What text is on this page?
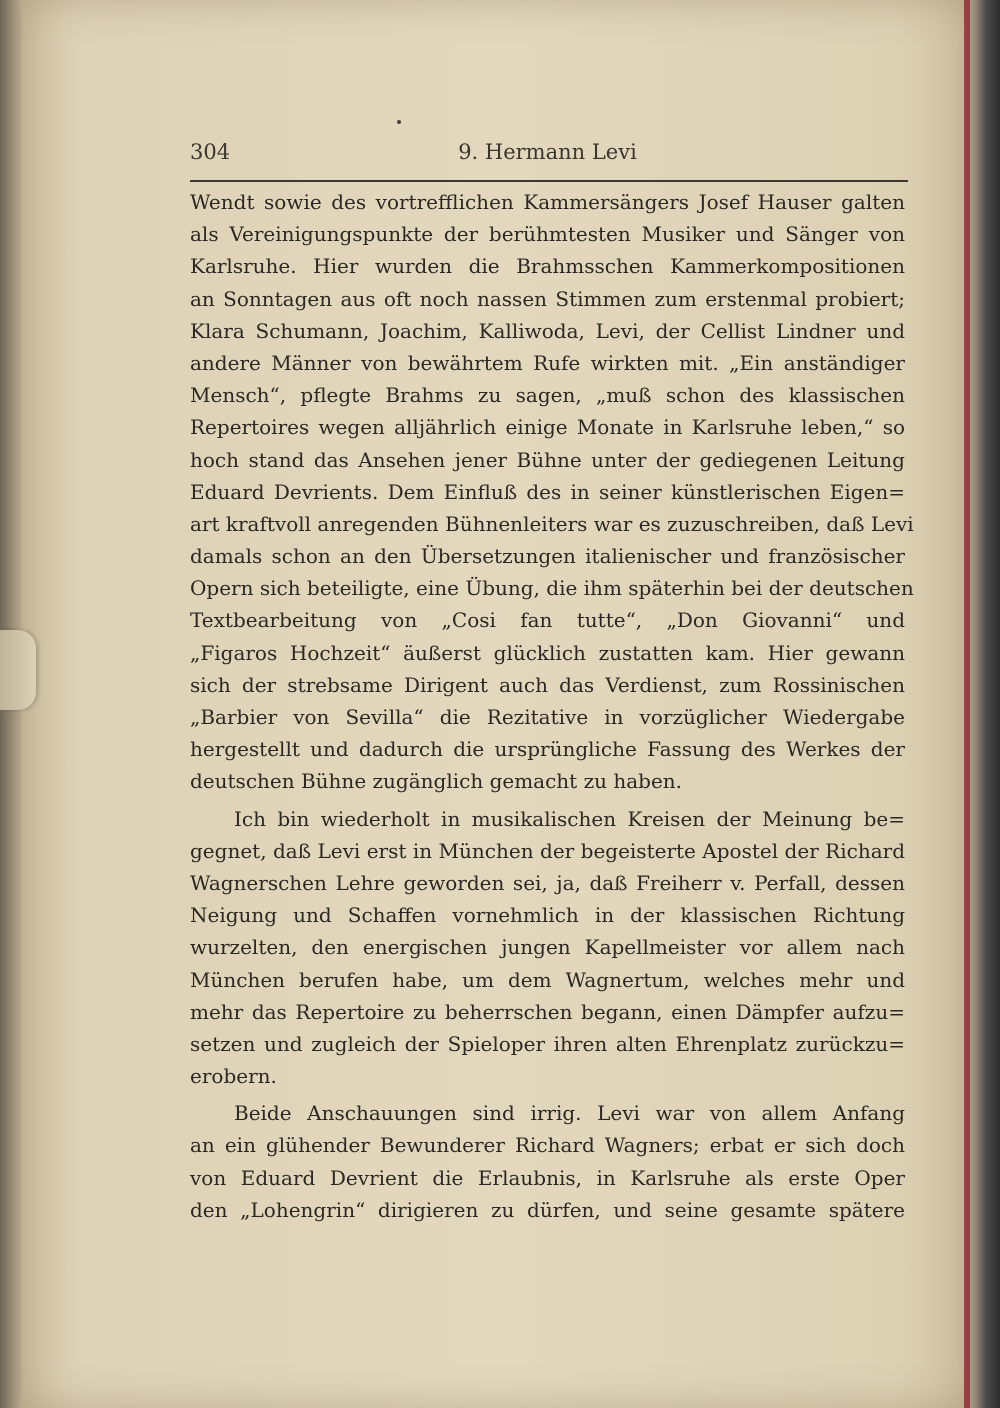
304	9. Hermann Levi
Wendt sowie des vortrefflichen Kammersängers Josef Hauser galten
als Vereinigungspunkte der berühmtesten Musiker und Sänger von
Karlsruhe. Hier wurden die Brahmsschen Kammerkompositionen
an Sonntagen aus oft noch nassen Stimmen zum erstenmal probiert;
Klara Schumann, Joachim, Kalliwoda, Levi, der Cellist Lindner und
andere Männer von bewährtem Rufe wirkten mit. „Ein anständiger
Mensch“, pflegte Brahms zu sagen, „muß schon des klassischen
Repertoires wegen alljährlich einige Monate in Karlsruhe leben,“ so
hoch stand das Ansehen jener Bühne unter der gediegenen Leitung
Eduard Devrients. Dem Einfluß des in seiner künstlerischen Eigen=
art kraftvoll anregenden Bühnenleiters war es zuzuschreiben, daß Levi
damals schon an den Übersetzungen italienischer und französischer
Opern sich beteiligte, eine Übung, die ihm späterhin bei der deutschen
Textbearbeitung von „Cosi fan tutte“, „Don Giovanni“ und
„Figaros Hochzeit“ äußerst glücklich zustatten kam. Hier gewann
sich der strebsame Dirigent auch das Verdienst, zum Rossinischen
„Barbier von Sevilla“ die Rezitative in vorzüglicher Wiedergabe
hergestellt und dadurch die ursprüngliche Fassung des Werkes der
deutschen Bühne zugänglich gemacht zu haben.
Ich bin wiederholt in musikalischen Kreisen der Meinung be=
gegnet, daß Levi erst in München der begeisterte Apostel der Richard
Wagnerschen Lehre geworden sei, ja, daß Freiherr v. Perfall, dessen
Neigung und Schaffen vornehmlich in der klassischen Richtung
wurzelten, den energischen jungen Kapellmeister vor allem nach
München berufen habe, um dem Wagnertum, welches mehr und
mehr das Repertoire zu beherrschen begann, einen Dämpfer aufzu=
setzen und zugleich der Spieloper ihren alten Ehrenplatz zurückzu=
erobern.
Beide Anschauungen sind irrig. Levi war von allem Anfang
an ein glühender Bewunderer Richard Wagners; erbat er sich doch
von Eduard Devrient die Erlaubnis, in Karlsruhe als erste Oper
den „Lohengrin“ dirigieren zu dürfen, und seine gesamte spätere
